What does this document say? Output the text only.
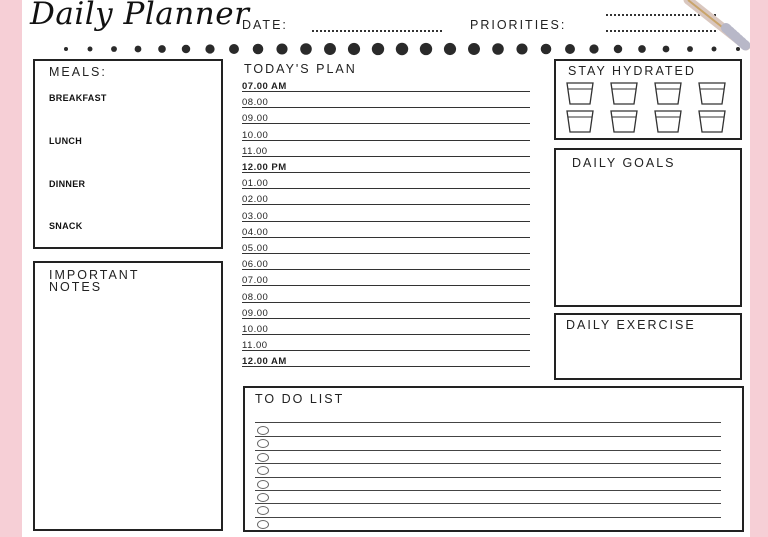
Daily Planner
DATE:	PRIORITIES:
MEALS:
BREAKFAST
LUNCH
DINNER
SNACK
IMPORTANT
NOTES
TODAY'S PLAN
07.00 AM
08.00
09.00
10.00
11.00
12.00 PM
01.00
02.00
03.00
04.00
05.00
06.00
07.00
08.00
09.00
10.00
11.00
12.00 AM
STAY HYDRATED
DAILY GOALS
DAILY EXERCISE
TO DO LIST
